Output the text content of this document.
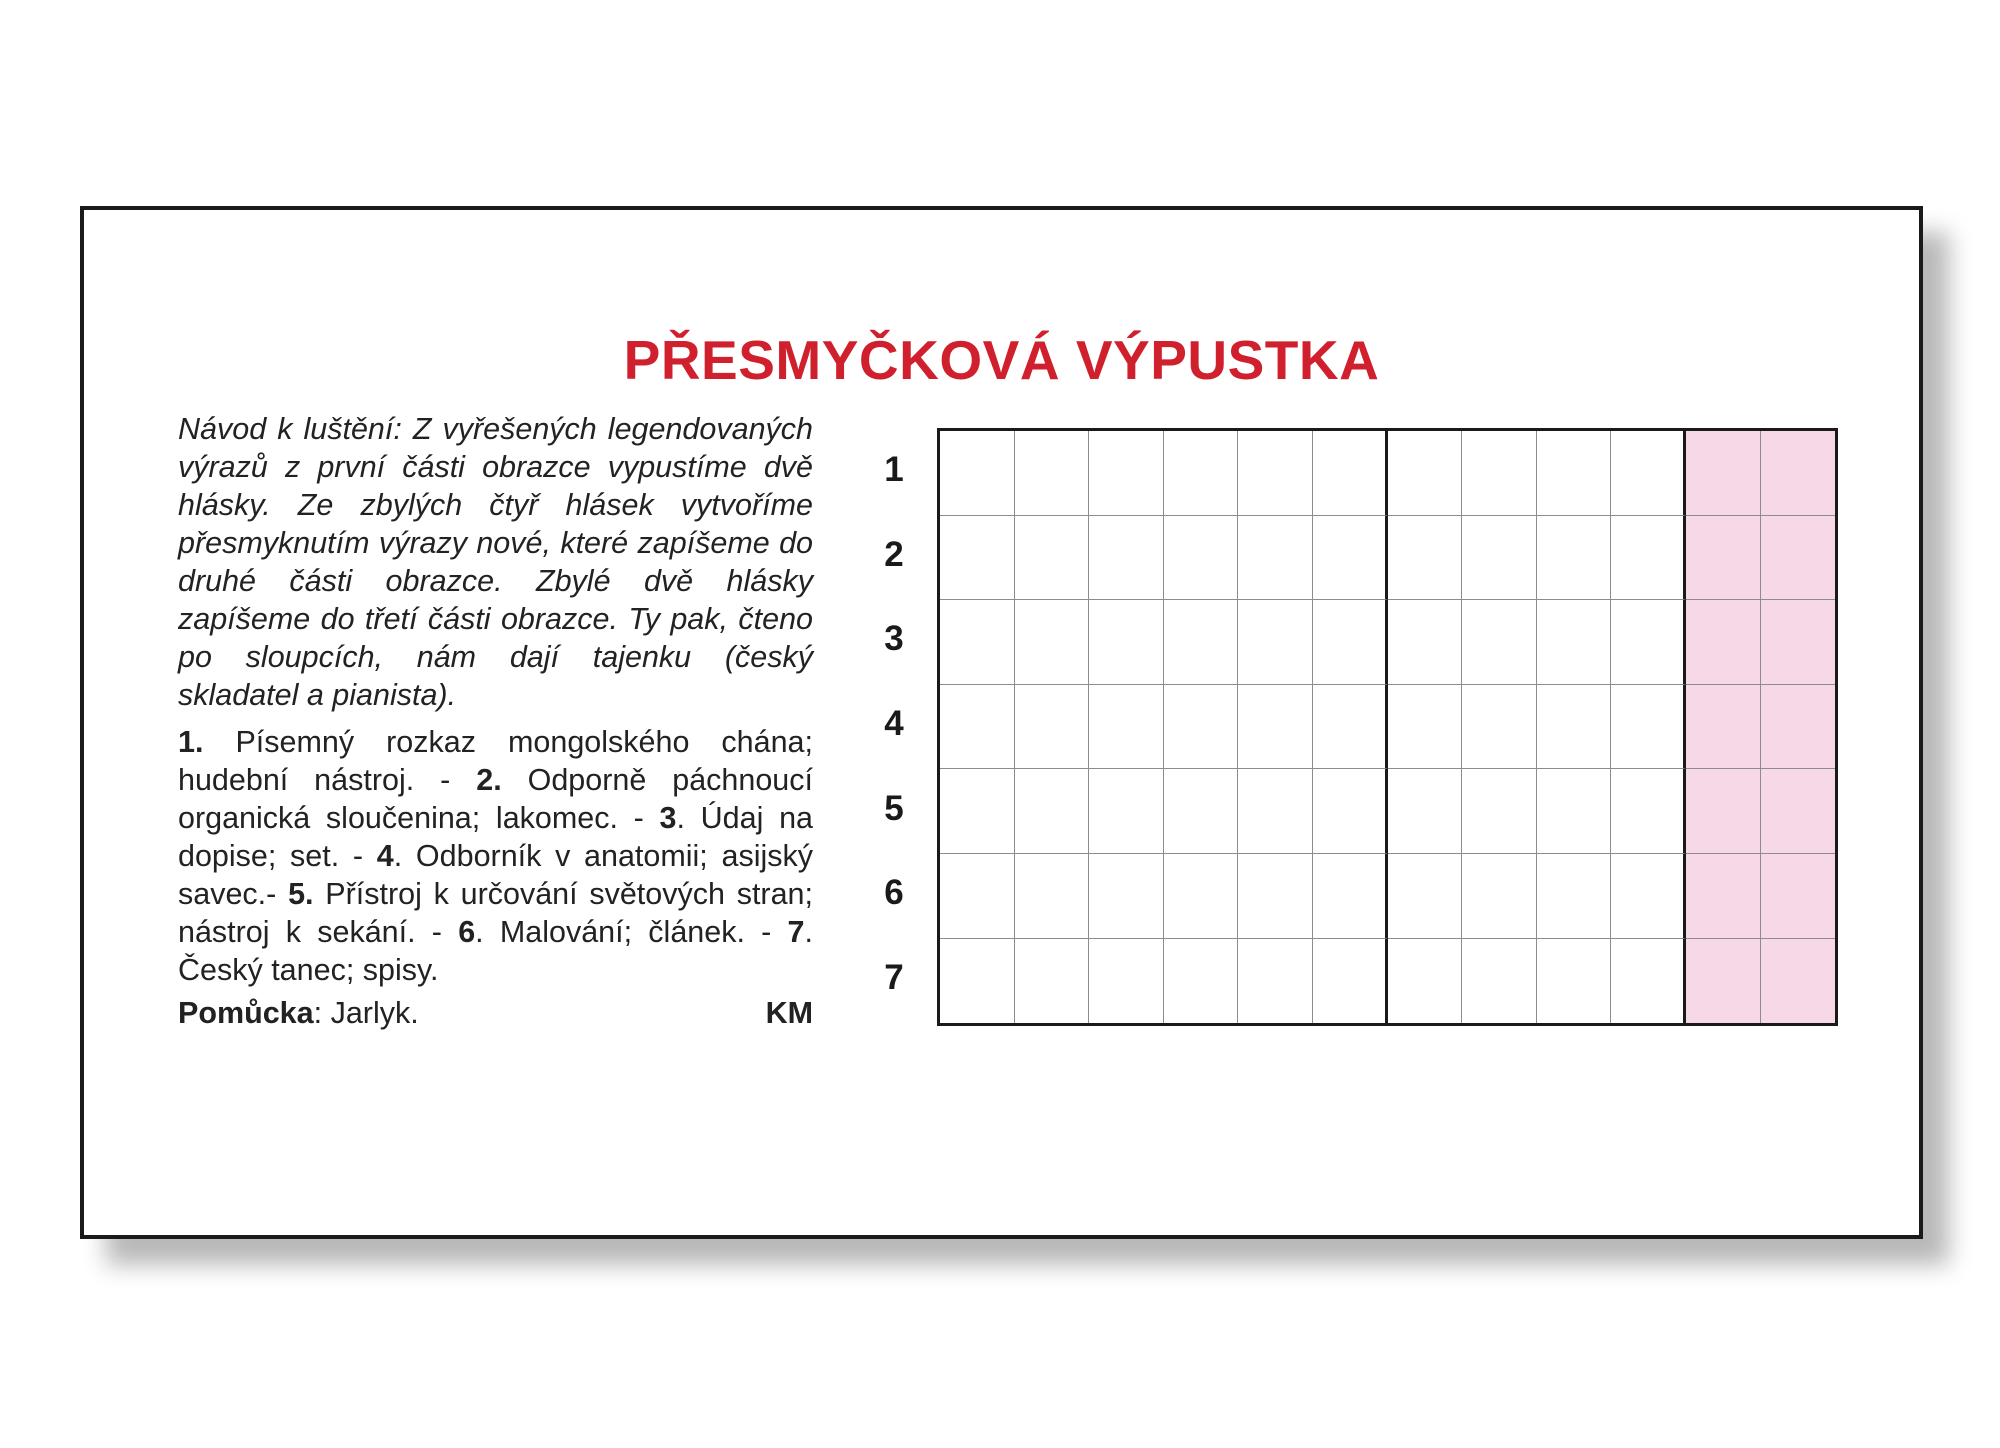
PŘESMYČKOVÁ VÝPUSTKA

Návod k luštění: Z vyřešených legendovaných výrazů z první části obrazce vypustíme dvě hlásky. Ze zbylých čtyř hlásek vytvoříme přesmyknutím výrazy nové, které zapíšeme do druhé části obrazce. Zbylé dvě hlásky zapíšeme do třetí části obrazce. Ty pak, čteno po sloupcích, nám dají tajenku (český skladatel a pianista).

1. Písemný rozkaz mongolského chána; hudební nástroj. - 2. Odporně páchnoucí organická sloučenina; lakomec. - 3. Údaj na dopise; set. - 4. Odborník v anatomii; asijský savec.- 5. Přístroj k určování světových stran; nástroj k sekání. - 6. Malování; článek. - 7. Český tanec; spisy.

Pomůcka: Jarlyk.	KM
1
2
3
4
5
6
7
